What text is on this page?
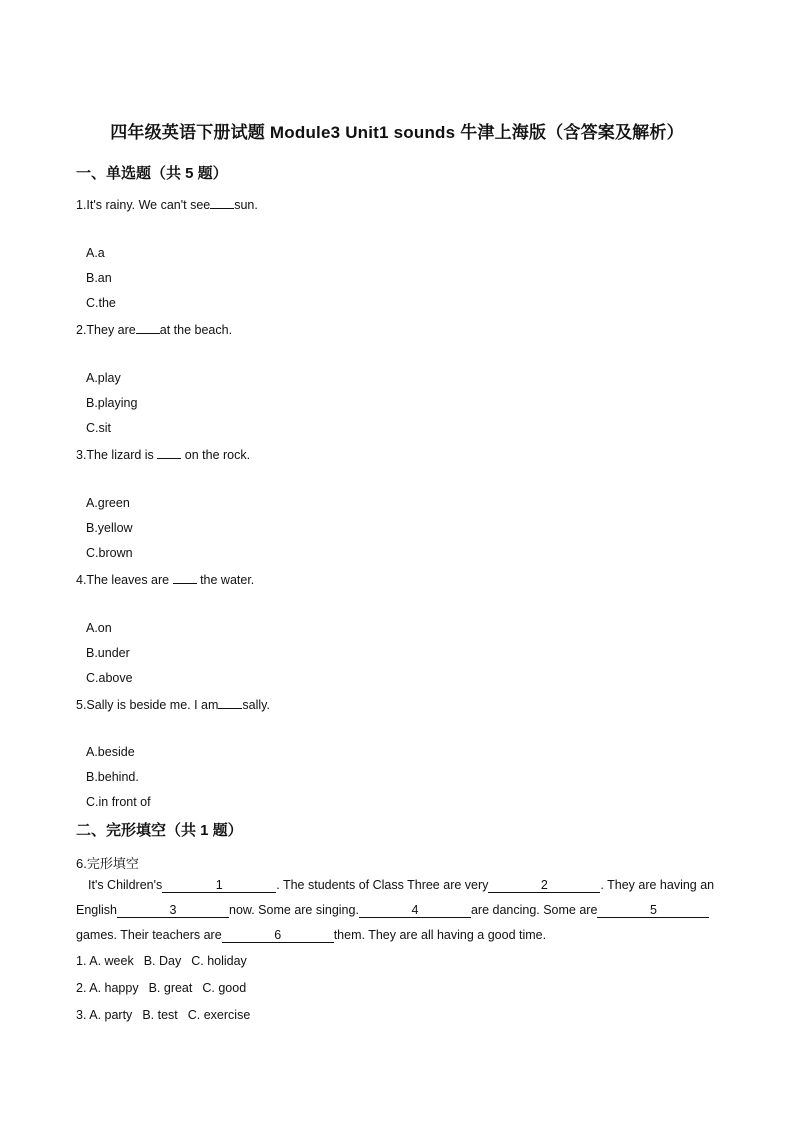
四年级英语下册试题 Module3 Unit1 sounds 牛津上海版（含答案及解析）
一、单选题（共 5 题）
1.It's rainy. We can't see sun.
A.a
B.an
C.the
2.They are at the beach.
A.play
B.playing
C.sit
3.The lizard is on the rock.
A.green
B.yellow
C.brown
4.The leaves are the water.
A.on
B.under
C.above
5.Sally is beside me. I am sally.
A.beside
B.behind.
C.in front of
二、完形填空（共 1 题）
6.完形填空
It's Children's	1	. The students of Class Three are very	2	. They are having an
English	3	now. Some are singing.	4	are dancing. Some are	5
games. Their teachers are	6	them. They are all having a good time.
1. A. week B. Day C. holiday
2. A. happy B. great C. good
3. A. party B. test C. exercise
